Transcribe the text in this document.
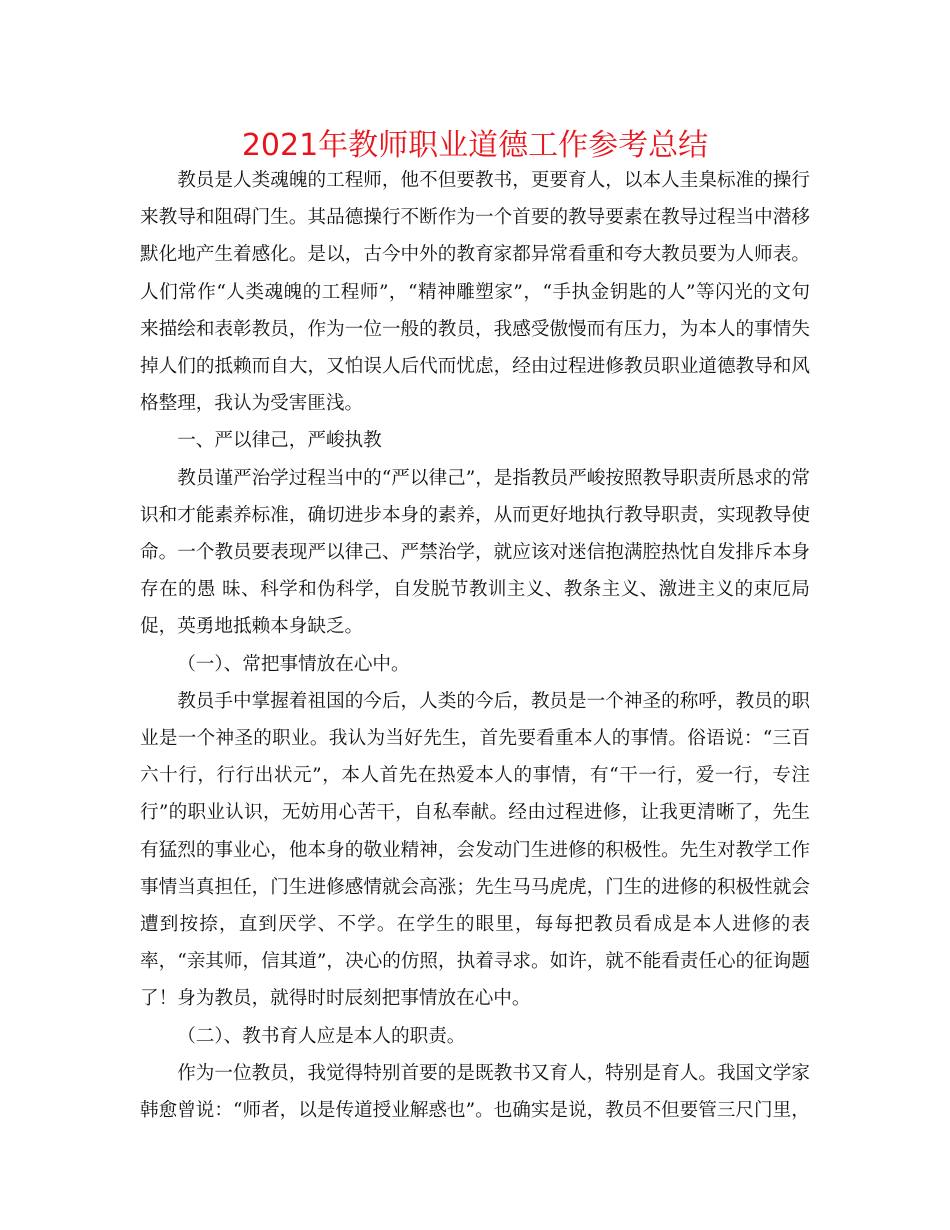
2021年教师职业道德工作参考总结

教员是人类魂魄的工程师，他不但要教书，更要育人，以本人圭臬标准的操行来教导和阻碍门生。其品德操行不断作为一个首要的教导要素在教导过程当中潜移默化地产生着感化。是以，古今中外的教育家都异常看重和夸大教员要为人师表。人们常作“人类魂魄的工程师”，“精神雕塑家”，“手执金钥匙的人”等闪光的文句来描绘和表彰教员，作为一位一般的教员，我感受傲慢而有压力，为本人的事情失掉人们的抵赖而自大，又怕误人后代而忧虑，经由过程进修教员职业道德教导和风格整理，我认为受害匪浅。

一、严以律己，严峻执教

教员谨严治学过程当中的“严以律己”，是指教员严峻按照教导职责所恳求的常识和才能素养标准，确切进步本身的素养，从而更好地执行教导职责，实现教导使命。一个教员要表现严以律己、严禁治学，就应该对迷信抱满腔热忱自发排斥本身存在的愚 昧、科学和伪科学，自发脱节教训主义、教条主义、激进主义的束厄局促，英勇地抵赖本身缺乏。

（一）、常把事情放在心中。

教员手中掌握着祖国的今后，人类的今后，教员是一个神圣的称呼，教员的职业是一个神圣的职业。我认为当好先生，首先要看重本人的事情。俗语说：“三百六十行，行行出状元”，本人首先在热爱本人的事情，有“干一行，爱一行，专注行”的职业认识，无妨用心苦干，自私奉献。经由过程进修，让我更清晰了，先生有猛烈的事业心，他本身的敬业精神，会发动门生进修的积极性。先生对教学工作事情当真担任，门生进修感情就会高涨；先生马马虎虎，门生的进修的积极性就会遭到按捺，直到厌学、不学。在学生的眼里，每每把教员看成是本人进修的表率，“亲其师，信其道”，决心的仿照，执着寻求。如许，就不能看责任心的征询题了！身为教员，就得时时辰刻把事情放在心中。

（二）、教书育人应是本人的职责。

作为一位教员，我觉得特别首要的是既教书又育人，特别是育人。我国文学家韩愈曾说：“师者，以是传道授业解惑也”。也确实是说，教员不但要管三尺门里，
